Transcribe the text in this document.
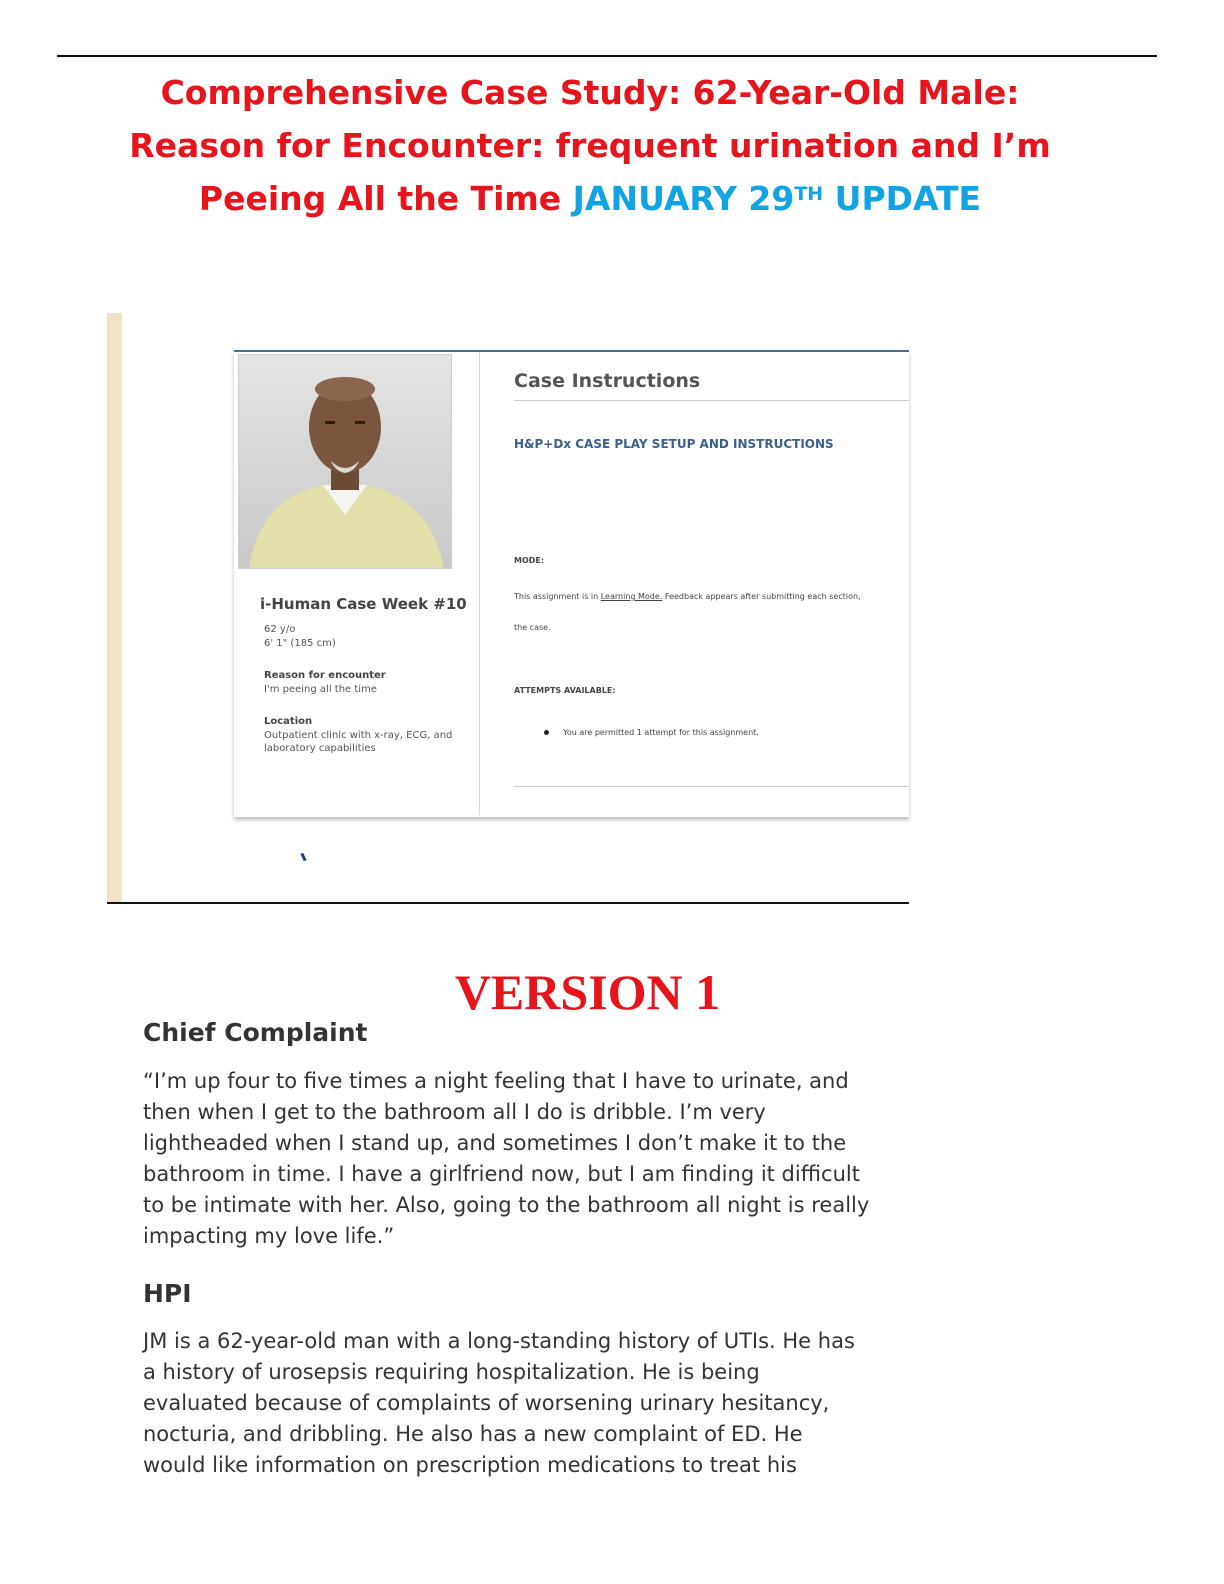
Comprehensive Case Study: 62-Year-Old Male:
Reason for Encounter: frequent urination and I’m
Peeing All the Time JANUARY 29TH UPDATE
i-Human Case Week #10
62 y/o
6' 1" (185 cm)
Reason for encounter
I'm peeing all the time
Location
Outpatient clinic with x-ray, ECG, and
laboratory capabilities
Case Instructions
H&P+Dx CASE PLAY SETUP AND INSTRUCTIONS
MODE:
This assignment is in Learning Mode. Feedback appears after submitting each section,
the case.
ATTEMPTS AVAILABLE:
You are permitted 1 attempt for this assignment.
VERSION 1
Chief Complaint
“I’m up four to five times a night feeling that I have to urinate, and
then when I get to the bathroom all I do is dribble. I’m very
lightheaded when I stand up, and sometimes I don’t make it to the
bathroom in time. I have a girlfriend now, but I am finding it difficult
to be intimate with her. Also, going to the bathroom all night is really
impacting my love life.”
HPI
JM is a 62-year-old man with a long-standing history of UTIs. He has
a history of urosepsis requiring hospitalization. He is being
evaluated because of complaints of worsening urinary hesitancy,
nocturia, and dribbling. He also has a new complaint of ED. He
would like information on prescription medications to treat his
